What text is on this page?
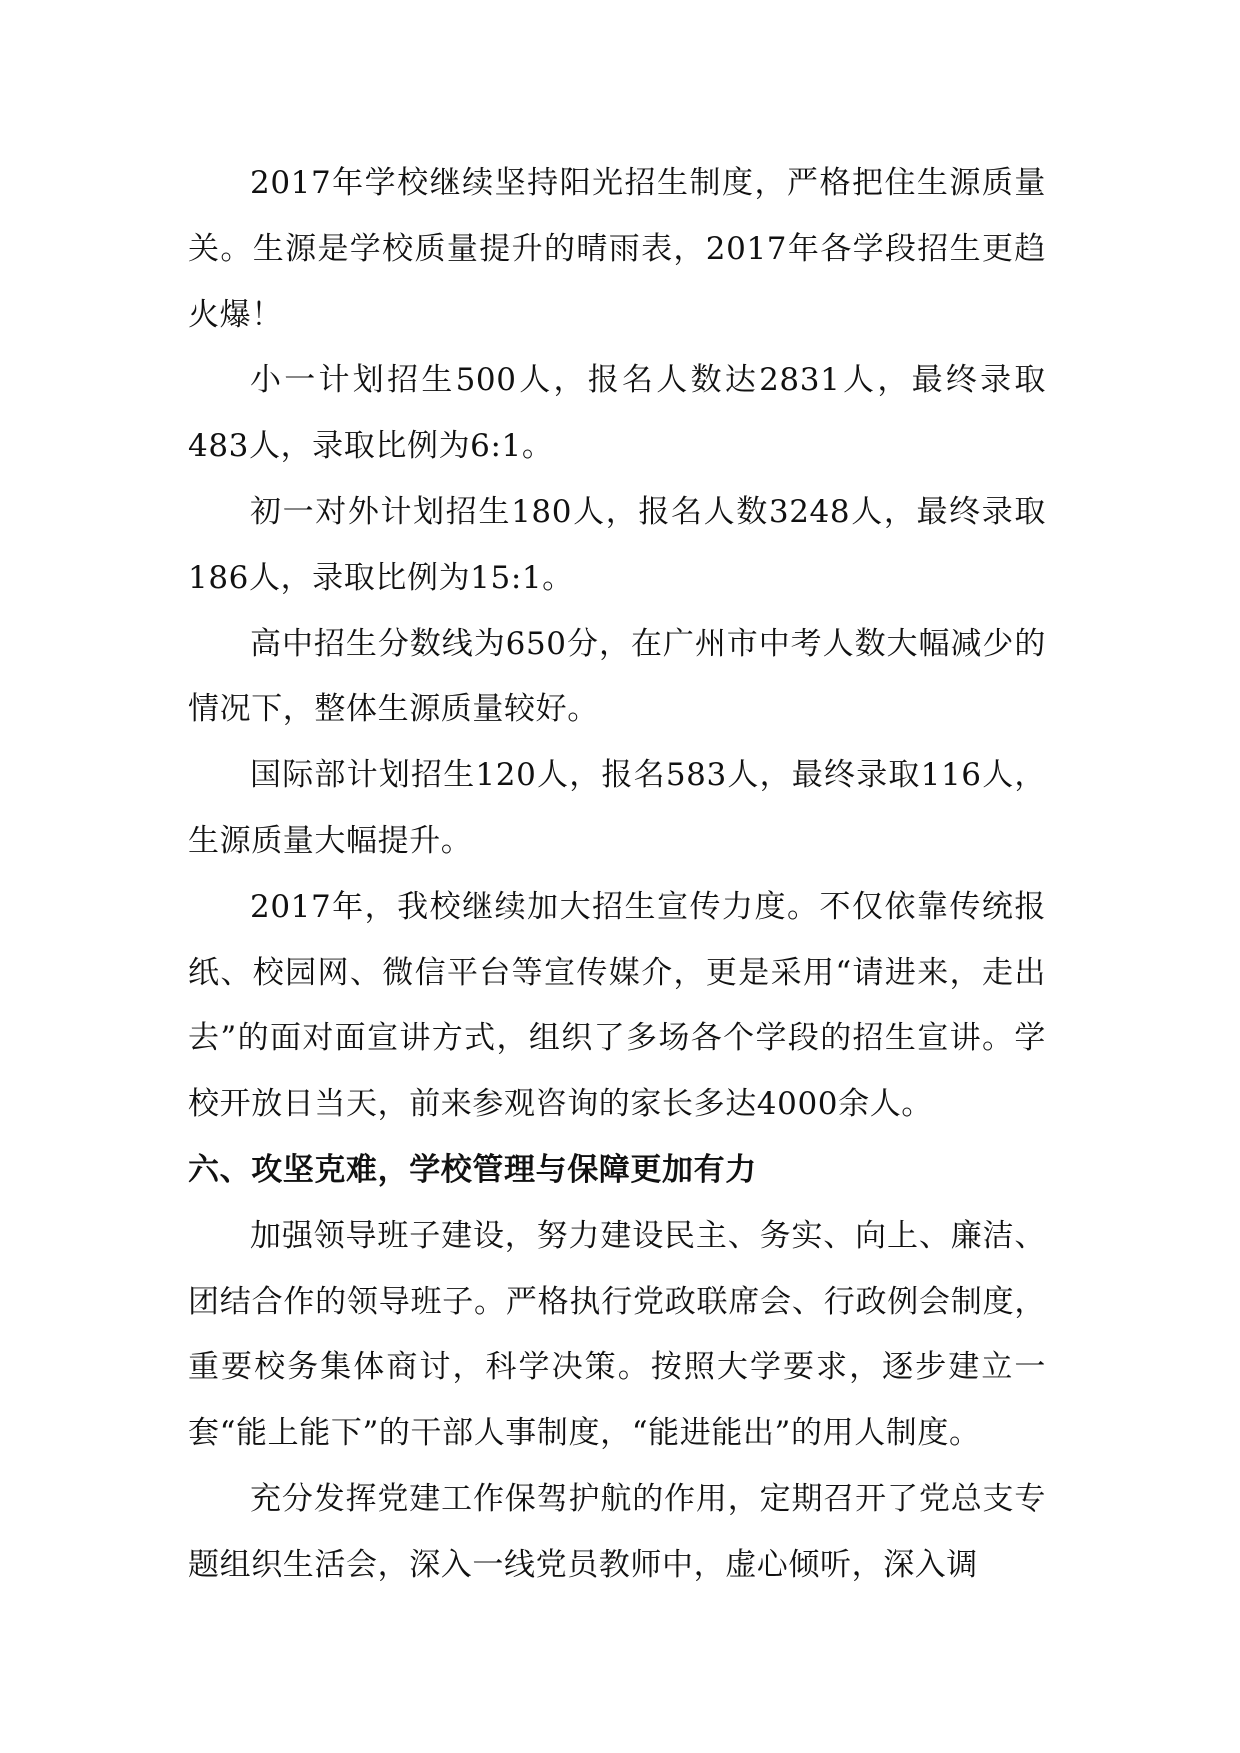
2017年学校继续坚持阳光招生制度，严格把住生源质量关。生源是学校质量提升的晴雨表，2017年各学段招生更趋火爆！

小一计划招生500人，报名人数达2831人，最终录取483人，录取比例为6:1。

初一对外计划招生180人，报名人数3248人，最终录取186人，录取比例为15:1。

高中招生分数线为650分，在广州市中考人数大幅减少的情况下，整体生源质量较好。

国际部计划招生120人，报名583人，最终录取116人，生源质量大幅提升。

2017年，我校继续加大招生宣传力度。不仅依靠传统报纸、校园网、微信平台等宣传媒介，更是采用“请进来，走出去”的面对面宣讲方式，组织了多场各个学段的招生宣讲。学校开放日当天，前来参观咨询的家长多达4000余人。

六、攻坚克难，学校管理与保障更加有力

加强领导班子建设，努力建设民主、务实、向上、廉洁、团结合作的领导班子。严格执行党政联席会、行政例会制度，重要校务集体商讨，科学决策。按照大学要求，逐步建立一套“能上能下”的干部人事制度，“能进能出”的用人制度。

充分发挥党建工作保驾护航的作用，定期召开了党总支专题组织生活会，深入一线党员教师中，虚心倾听，深入调
